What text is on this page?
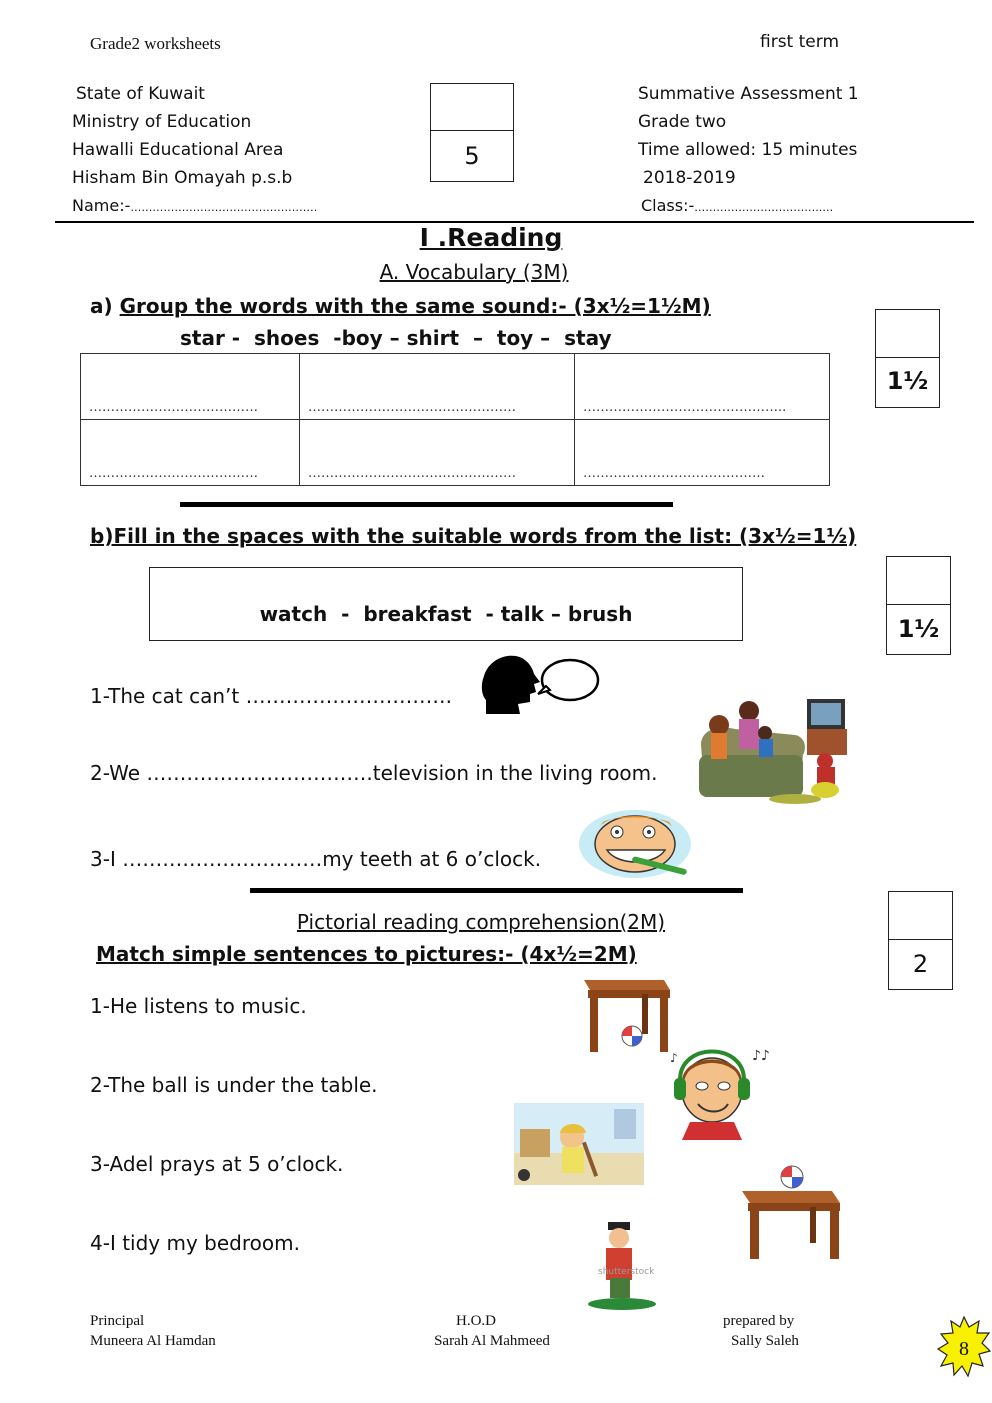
Grade2 worksheets	first term
State of Kuwait
Ministry of Education
Hawalli Educational Area
Hisham Bin Omayah p.s.b
Name:-……………………………………………
5
Summative Assessment 1
Grade two
Time allowed: 15 minutes
2018-2019
Class:-……………………………..…
I .Reading
A. Vocabulary (3M)
a) Group the words with the same sound:- (3x½=1½M)
star -  shoes  -boy – shirt  –  toy –  stay
1½
…………………………………	…………………………………………	………………………………………..
…………………………………	…………………………………………	……………………………………
b)Fill in the spaces with the suitable words from the list: (3x½=1½)
watch  -  breakfast  - talk – brush
1½
1-The cat can’t ………………………….
2-We …………………………….television in the living room.
3-I …………………………my teeth at 6 o’clock.
Pictorial reading comprehension(2M)
Match simple sentences to pictures:- (4x½=2M)	2
1-He listens to music.
2-The ball is under the table.
3-Adel prays at 5 o’clock.
4-I tidy my bedroom.
♪♪
♪
shutterstock
Principal
Muneera Al Hamdan
H.O.D
Sarah Al Mahmeed
prepared by
Sally Saleh	8
